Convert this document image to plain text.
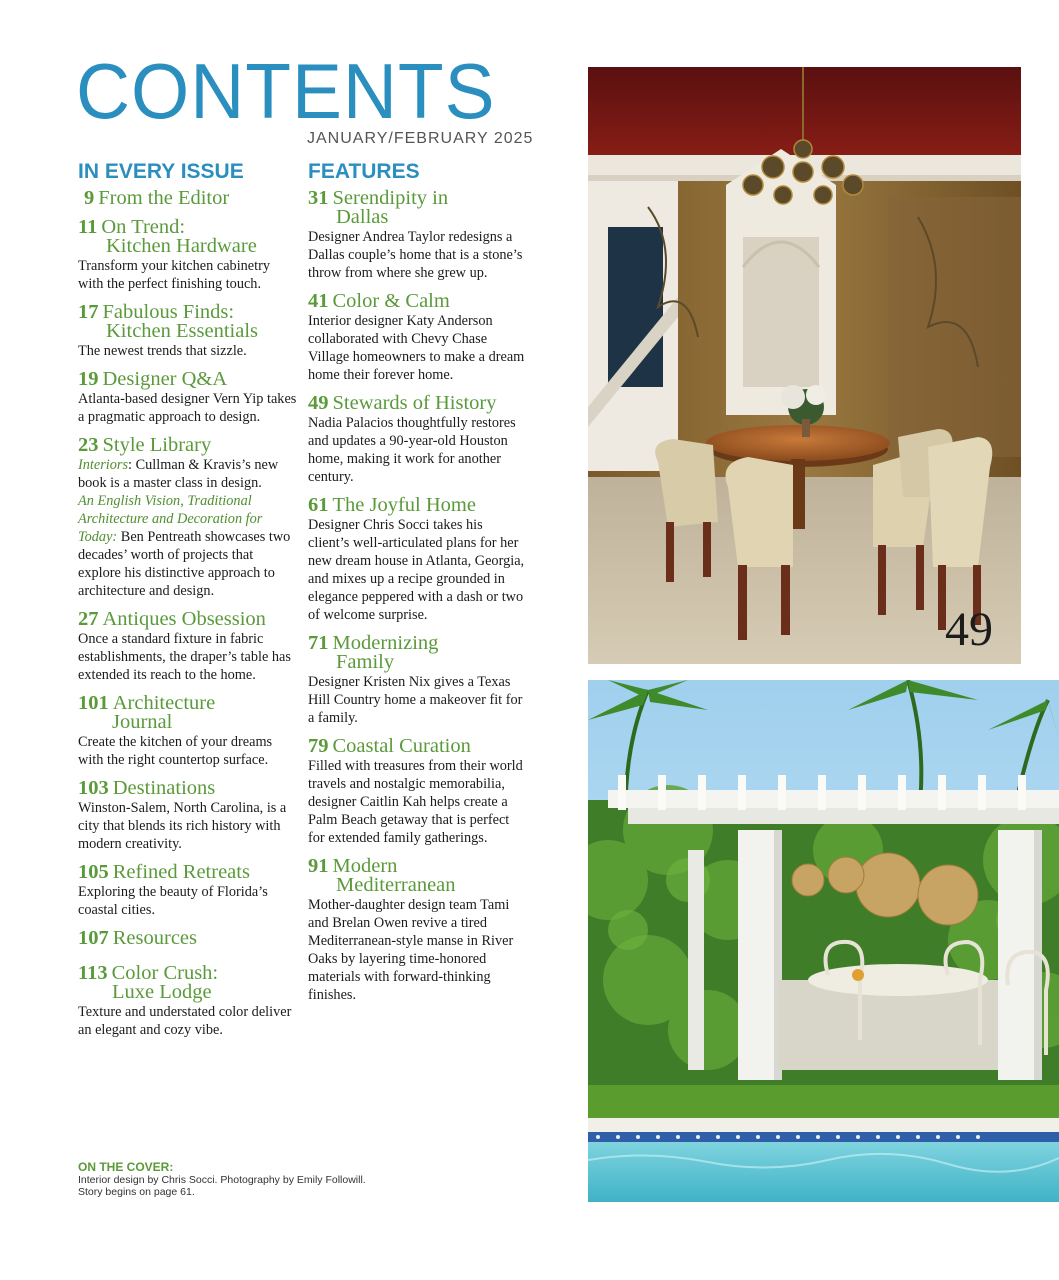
CONTENTS
JANUARY/FEBRUARY 2025
IN EVERY ISSUE

9 From the Editor

11 On Trend:
Kitchen Hardware

Transform your kitchen cabinetry with the perfect finishing touch.

17 Fabulous Finds:
Kitchen Essentials

The newest trends that sizzle.

19 Designer Q&A

Atlanta-based designer Vern Yip takes a pragmatic approach to design.

23 Style Library

Interiors: Cullman & Kravis’s new book is a master class in design.
An English Vision, Traditional Architecture and Decoration for Today: Ben Pentreath showcases two decades’ worth of projects that explore his distinctive approach to architecture and design.

27 Antiques Obsession

Once a standard fixture in fabric establishments, the draper’s table has extended its reach to the home.

101 Architecture
Journal

Create the kitchen of your dreams with the right countertop surface.

103 Destinations

Winston-Salem, North Carolina, is a city that blends its rich history with modern creativity.

105 Refined Retreats

Exploring the beauty of Florida’s coastal cities.

107 Resources

113 Color Crush:
Luxe Lodge

Texture and understated color deliver an elegant and cozy vibe.

FEATURES

31 Serendipity in
Dallas

Designer Andrea Taylor redesigns a Dallas couple’s home that is a stone’s throw from where she grew up.

41 Color & Calm

Interior designer Katy Anderson collaborated with Chevy Chase Village homeowners to make a dream home their forever home.

49 Stewards of History

Nadia Palacios thoughtfully restores and updates a 90-year-old Houston home, making it work for another century.

61 The Joyful Home

Designer Chris Socci takes his client’s well-articulated plans for her new dream house in Atlanta, Georgia, and mixes up a recipe grounded in elegance peppered with a dash or two of welcome surprise.

71 Modernizing
Family

Designer Kristen Nix gives a Texas Hill Country home a makeover fit for a family.

79 Coastal Curation

Filled with treasures from their world travels and nostalgic memorabilia, designer Caitlin Kah helps create a Palm Beach getaway that is perfect for extended family gatherings.

91 Modern
Mediterranean

Mother-daughter design team Tami and Brelan Owen revive a tired Mediterranean-style manse in River Oaks by layering time-honored materials with forward-thinking finishes.

ON THE COVER:
Interior design by Chris Socci. Photography by Emily Followill.
Story begins on page 61.
49
